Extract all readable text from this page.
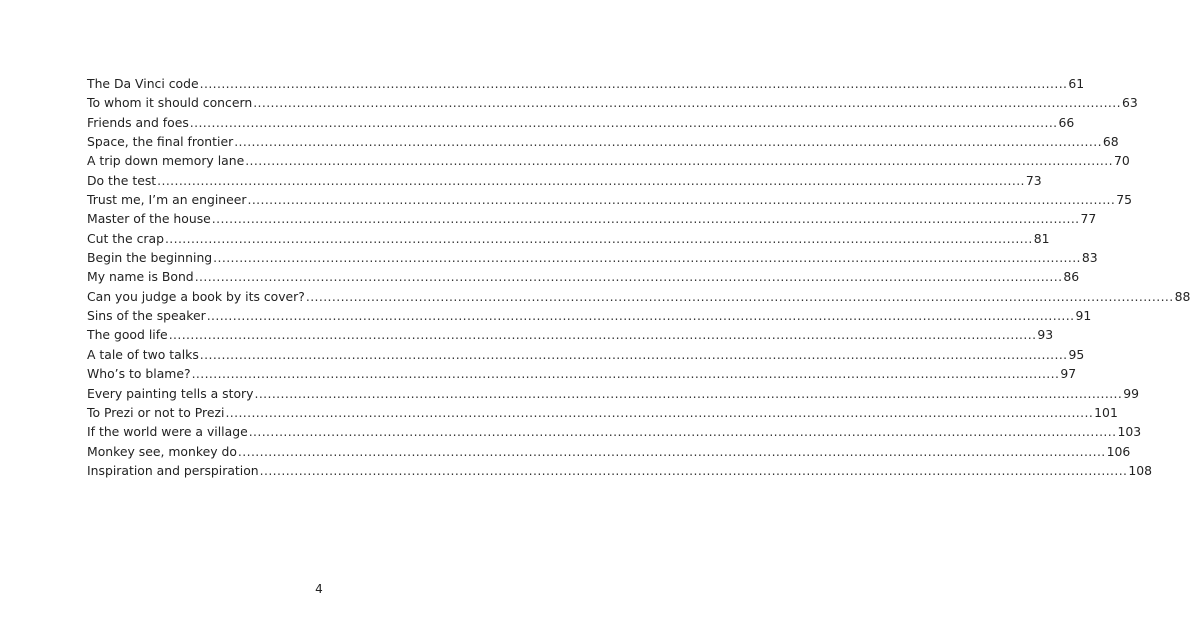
The Da Vinci code ........................................................................................................................................................................................................ 61
To whom it should concern ........................................................................................................................................................................................................ 63
Friends and foes ........................................................................................................................................................................................................ 66
Space, the final frontier ........................................................................................................................................................................................................ 68
A trip down memory lane ........................................................................................................................................................................................................ 70
Do the test ........................................................................................................................................................................................................ 73
Trust me, I’m an engineer ........................................................................................................................................................................................................ 75
Master of the house ........................................................................................................................................................................................................ 77
Cut the crap ........................................................................................................................................................................................................ 81
Begin the beginning ........................................................................................................................................................................................................ 83
My name is Bond ........................................................................................................................................................................................................ 86
Can you judge a book by its cover? ........................................................................................................................................................................................................ 88
Sins of the speaker ........................................................................................................................................................................................................ 91
The good life ........................................................................................................................................................................................................ 93
A tale of two talks ........................................................................................................................................................................................................ 95
Who’s to blame? ........................................................................................................................................................................................................ 97
Every painting tells a story ........................................................................................................................................................................................................ 99
To Prezi or not to Prezi ........................................................................................................................................................................................................ 101
If the world were a village ........................................................................................................................................................................................................ 103
Monkey see, monkey do ........................................................................................................................................................................................................ 106
Inspiration and perspiration ........................................................................................................................................................................................................ 108
4
